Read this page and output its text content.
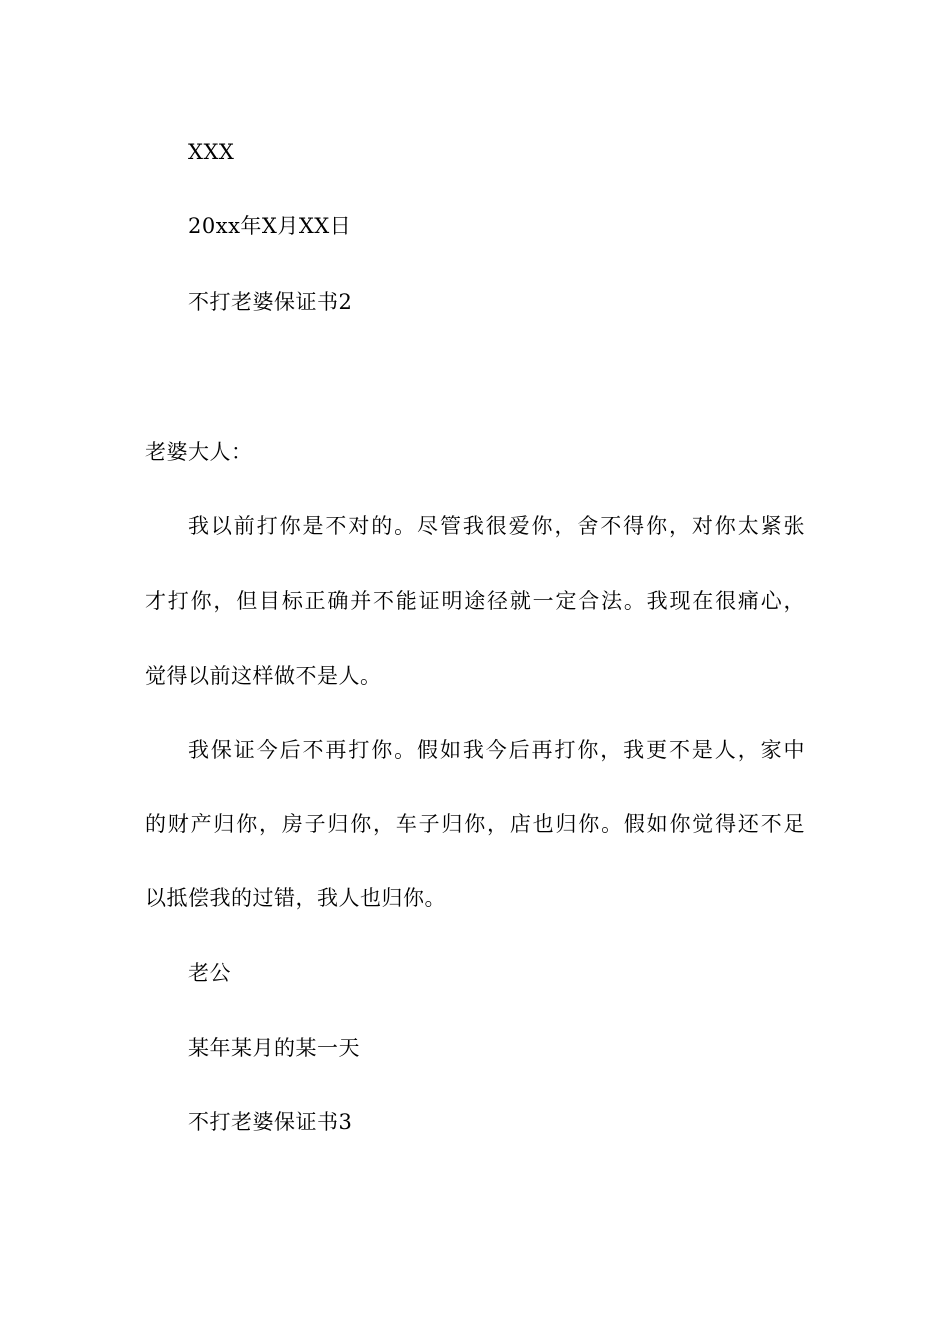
XXX
20xx年X月XX日
不打老婆保证书2
老婆大人：
我以前打你是不对的。尽管我很爱你，舍不得你，对你太紧张
才打你，但目标正确并不能证明途径就一定合法。我现在很痛心，
觉得以前这样做不是人。
我保证今后不再打你。假如我今后再打你，我更不是人，家中
的财产归你，房子归你，车子归你，店也归你。假如你觉得还不足
以抵偿我的过错，我人也归你。
老公
某年某月的某一天
不打老婆保证书3
